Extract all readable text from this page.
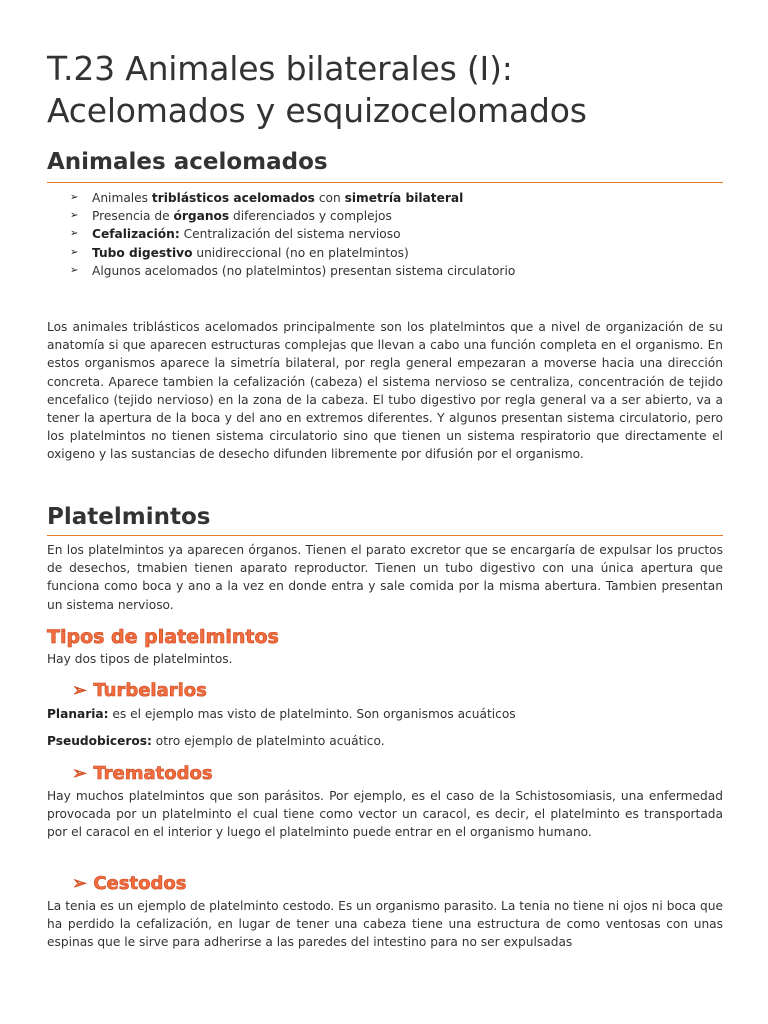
T.23 Animales bilaterales (I):
Acelomados y esquizocelomados
Animales acelomados
➢ Animales triblásticos acelomados con simetría bilateral
➢ Presencia de órganos diferenciados y complejos
➢ Cefalización: Centralización del sistema nervioso
➢ Tubo digestivo unidireccional (no en platelmintos)
➢ Algunos acelomados (no platelmintos) presentan sistema circulatorio

Los animales triblásticos acelomados principalmente son los platelmintos que a nivel de organización de su anatomía si que aparecen estructuras complejas que llevan a cabo una función completa en el organismo. En estos organismos aparece la simetría bilateral, por regla general empezaran a moverse hacia una dirección concreta. Aparece tambien la cefalización (cabeza) el sistema nervioso se centraliza, concentración de tejido encefalico (tejido nervioso) en la zona de la cabeza. El tubo digestivo por regla general va a ser abierto, va a tener la apertura de la boca y del ano en extremos diferentes. Y algunos presentan sistema circulatorio, pero los platelmintos no tienen sistema circulatorio sino que tienen un sistema respiratorio que directamente el oxigeno y las sustancias de desecho difunden libremente por difusión por el organismo.

Platelmintos

En los platelmintos ya aparecen órganos. Tienen el parato excretor que se encargaría de expulsar los pructos de desechos, tmabien tienen aparato reproductor. Tienen un tubo digestivo con una única apertura que funciona como boca y ano a la vez en donde entra y sale comida por la misma abertura. Tambien presentan un sistema nervioso.

Tipos de platelmintos

Hay dos tipos de platelmintos.

➢ Turbelarios

Planaria: es el ejemplo mas visto de platelminto. Son organismos acuáticos

Pseudobiceros: otro ejemplo de platelminto acuático.

➢ Trematodos

Hay muchos platelmintos que son parásitos. Por ejemplo, es el caso de la Schistosomiasis, una enfermedad provocada por un platelminto el cual tiene como vector un caracol, es decir, el platelminto es transportada por el caracol en el interior y luego el platelminto puede entrar en el organismo humano.

➢ Cestodos

La tenia es un ejemplo de platelminto cestodo. Es un organismo parasito. La tenia no tiene ni ojos ni boca que ha perdido la cefalización, en lugar de tener una cabeza tiene una estructura de como ventosas con unas espinas que le sirve para adherirse a las paredes del intestino para no ser expulsadas
